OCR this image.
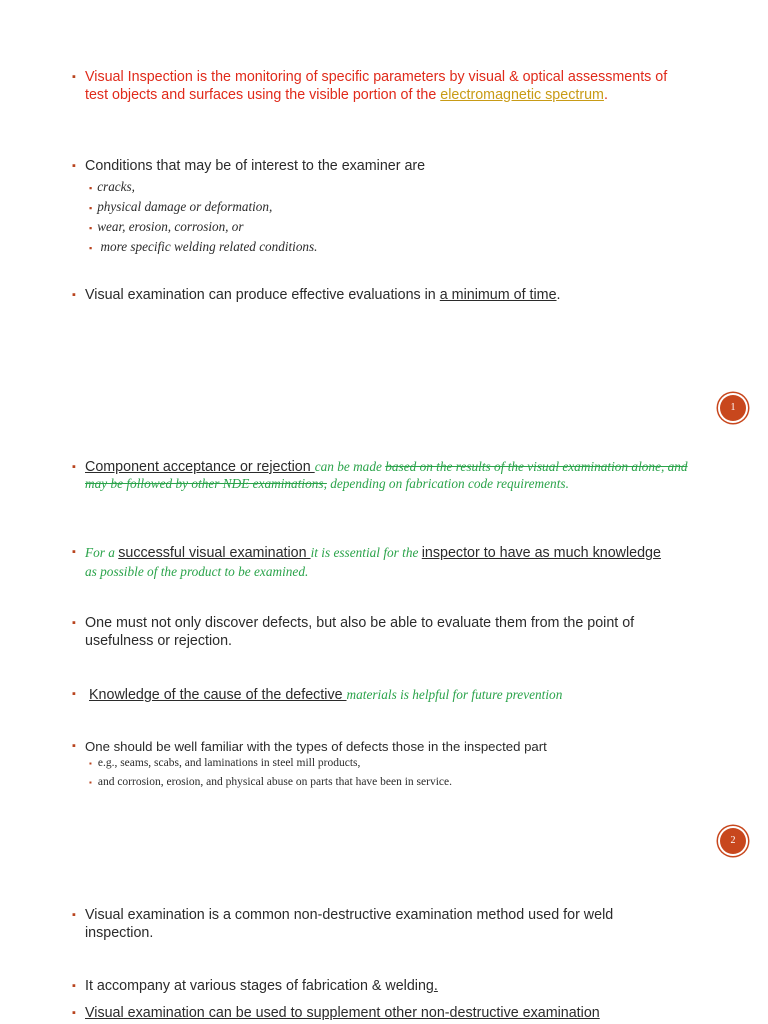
▪ Visual Inspection is the monitoring of specific parameters by visual & optical assessments of test objects and surfaces using the visible portion of the electromagnetic spectrum.
▪ Conditions that may be of interest to the examiner are
▪ cracks,
▪ physical damage or deformation,
▪ wear, erosion, corrosion, or
▪ more specific welding related conditions.
▪ Visual examination can produce effective evaluations in a minimum of time.
1
▪ Component acceptance or rejection can be made based on the results of the visual examination alone, and may be followed by other NDE examinations, depending on fabrication code requirements.
▪ For a successful visual examination it is essential for the inspector to have as much knowledge as possible of the product to be examined.
▪ One must not only discover defects, but also be able to evaluate them from the point of usefulness or rejection.
▪ Knowledge of the cause of the defective materials is helpful for future prevention
▪ One should be well familiar with the types of defects those in the inspected part
▪ e.g., seams, scabs, and laminations in steel mill products,
▪ and corrosion, erosion, and physical abuse on parts that have been in service.
2
▪ Visual examination is a common non-destructive examination method used for weld inspection.
▪ It accompany at various stages of fabrication & welding.
▪ Visual examination can be used to supplement other non-destructive examination
